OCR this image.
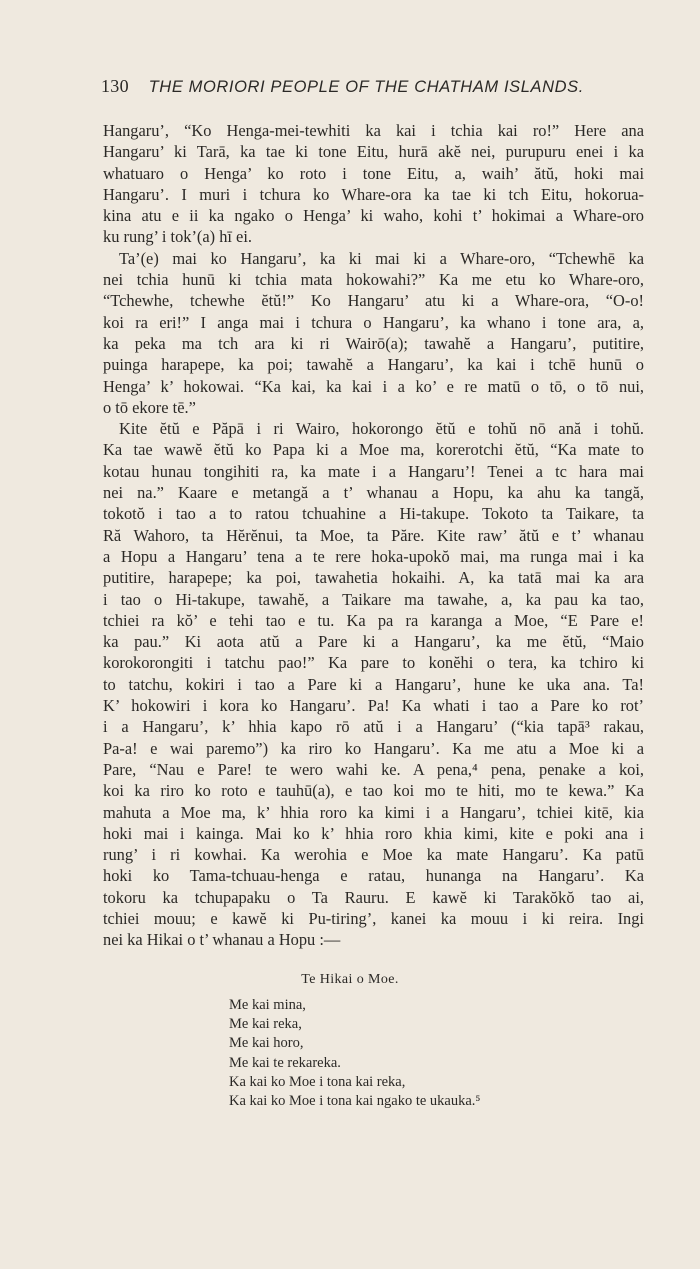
130 THE MORIORI PEOPLE OF THE CHATHAM ISLANDS.
Hangaru’, “Ko Henga-mei-tewhiti ka kai i tchia kai ro!” Here ana
Hangaru’ ki Tarā, ka tae ki tone Eitu, hurā akĕ nei, purupuru enei i ka
whatuaro o Henga’ ko roto i tone Eitu, a, waih’ ătŭ, hoki mai
Hangaru’. I muri i tchura ko Whare-ora ka tae ki tch Eitu, hokorua-
kina atu e ii ka ngako o Henga’ ki waho, kohi t’ hokimai a Whare-oro
ku rung’ i tok’(a) hī ei.
Ta’(e) mai ko Hangaru’, ka ki mai ki a Whare-oro, “Tchewhē ka
nei tchia hunū ki tchia mata hokowahi?” Ka me etu ko Whare-oro,
“Tchewhe, tchewhe ĕtŭ!” Ko Hangaru’ atu ki a Whare-ora, “O-o!
koi ra eri!” I anga mai i tchura o Hangaru’, ka whano i tone ara, a,
ka peka ma tch ara ki ri Wairō(a); tawahĕ a Hangaru’, putitire,
puinga harapepe, ka poi; tawahĕ a Hangaru’, ka kai i tchē hunū o
Henga’ k’ hokowai. “Ka kai, ka kai i a ko’ e re matū o tō, o tō nui,
o tō ekore tē.”
Kite ĕtŭ e Păpā i ri Wairo, hokorongo ĕtŭ e tohŭ nō ană i tohŭ.
Ka tae wawĕ ĕtŭ ko Papa ki a Moe ma, korerotchi ĕtŭ, “Ka mate to
kotau hunau tongihiti ra, ka mate i a Hangaru’! Tenei a tc hara mai
nei na.” Kaare e metangă a t’ whanau a Hopu, ka ahu ka tangă,
tokotŏ i tao a to ratou tchuahine a Hi-takupe. Tokoto ta Taikare, ta
Ră Wahoro, ta Hĕrĕnui, ta Moe, ta Păre. Kite raw’ ătŭ e t’ whanau
a Hopu a Hangaru’ tena a te rere hoka-upokŏ mai, ma runga mai i ka
putitire, harapepe; ka poi, tawahetia hokaihi. A, ka tatā mai ka ara
i tao o Hi-takupe, tawahĕ, a Taikare ma tawahe, a, ka pau ka tao,
tchiei ra kŏ’ e tehi tao e tu. Ka pa ra karanga a Moe, “E Pare e!
ka pau.” Ki aota atŭ a Pare ki a Hangaru’, ka me ĕtŭ, “Maio
korokorongiti i tatchu pao!” Ka pare to konĕhi o tera, ka tchiro ki
to tatchu, kokiri i tao a Pare ki a Hangaru’, hune ke uka ana. Ta!
K’ hokowiri i kora ko Hangaru’. Pa! Ka whati i tao a Pare ko rot’
i a Hangaru’, k’ hhia kapo rō atŭ i a Hangaru’ (“kia tapā³ rakau,
Pa-a! e wai paremo”) ka riro ko Hangaru’. Ka me atu a Moe ki a
Pare, “Nau e Pare! te wero wahi ke. A pena,⁴ pena, penake a koi,
koi ka riro ko roto e tauhū(a), e tao koi mo te hiti, mo te kewa.” Ka
mahuta a Moe ma, k’ hhia roro ka kimi i a Hangaru’, tchiei kitē, kia
hoki mai i kainga. Mai ko k’ hhia roro khia kimi, kite e poki ana i
rung’ i ri kowhai. Ka werohia e Moe ka mate Hangaru’. Ka patū
hoki ko Tama-tchuau-henga e ratau, hunanga na Hangaru’. Ka
tokoru ka tchupapaku o Ta Rauru. E kawĕ ki Tarakŏkŏ tao ai,
tchiei mouu; e kawĕ ki Pu-tiring’, kanei ka mouu i ki reira. Ingi
nei ka Hikai o t’ whanau a Hopu :—
Te Hikai o Moe.
Me kai mina,
Me kai reka,
Me kai horo,
Me kai te rekareka.
Ka kai ko Moe i tona kai reka,
Ka kai ko Moe i tona kai ngako te ukauka.⁵
